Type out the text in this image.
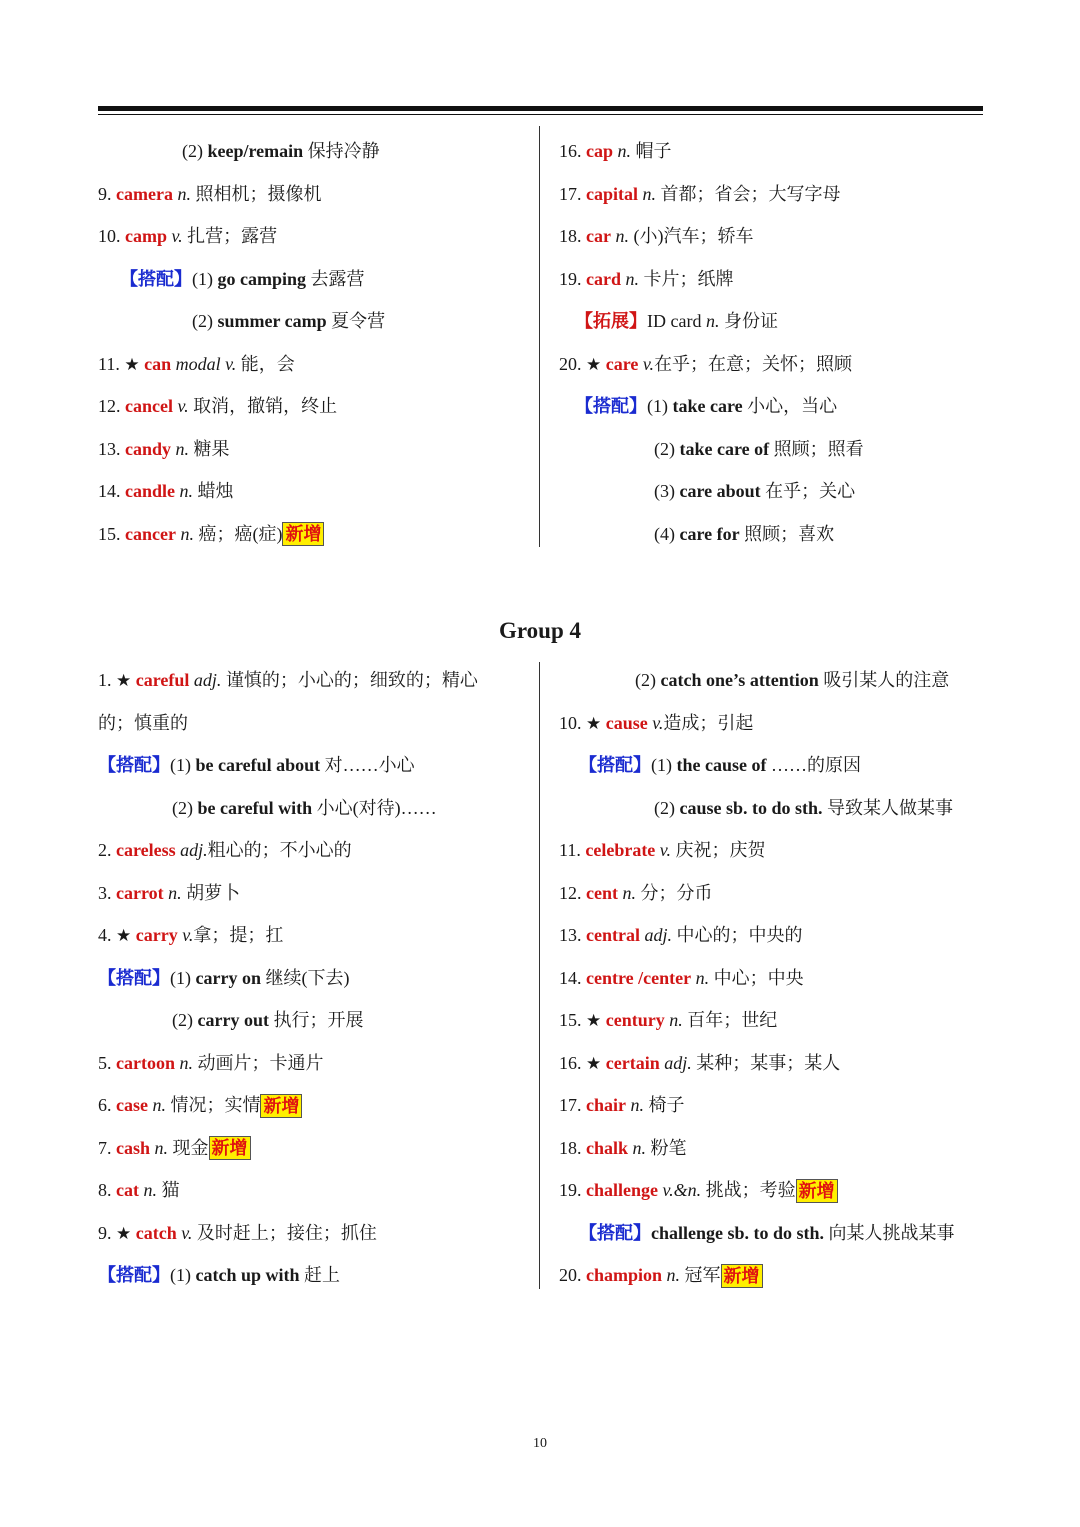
(2) keep/remain 保持冷静
9. camera n. 照相机；摄像机
10. camp v. 扎营；露营
【搭配】(1) go camping 去露营
(2) summer camp 夏令营
11. ★ can modal v. 能，会
12. cancel v. 取消，撤销，终止
13. candy n. 糖果
14. candle n. 蜡烛
15. cancer n. 癌；癌(症) 新增
16. cap n. 帽子
17. capital n. 首都；省会；大写字母
18. car n. (小)汽车；轿车
19. card n. 卡片；纸牌
【拓展】ID card n. 身份证
20. ★ care v.在乎；在意；关怀；照顾
【搭配】(1) take care 小心，当心
(2) take care of 照顾；照看
(3) care about 在乎；关心
(4) care for 照顾；喜欢
Group 4
1. ★ careful adj. 谨慎的；小心的；细致的；精心
的；慎重的
【搭配】(1) be careful about 对……小心
(2) be careful with 小心(对待)……
2. careless adj.粗心的；不小心的
3. carrot n. 胡萝卜
4. ★ carry v.拿；提；扛
【搭配】(1) carry on 继续(下去)
(2) carry out 执行；开展
5. cartoon n. 动画片；卡通片
6. case n. 情况；实情 新增
7. cash n. 现金 新增
8. cat n. 猫
9. ★ catch v. 及时赶上；接住；抓住
【搭配】(1) catch up with 赶上
(2) catch one’s attention 吸引某人的注意
10. ★ cause v.造成；引起
【搭配】(1) the cause of ……的原因
(2) cause sb. to do sth. 导致某人做某事
11. celebrate v. 庆祝；庆贺
12. cent n. 分；分币
13. central adj. 中心的；中央的
14. centre /center n. 中心；中央
15. ★ century n. 百年；世纪
16. ★ certain adj. 某种；某事；某人
17. chair n. 椅子
18. chalk n. 粉笔
19. challenge v.&n. 挑战；考验 新增
【搭配】challenge sb. to do sth. 向某人挑战某事
20. champion n. 冠军 新增
10
